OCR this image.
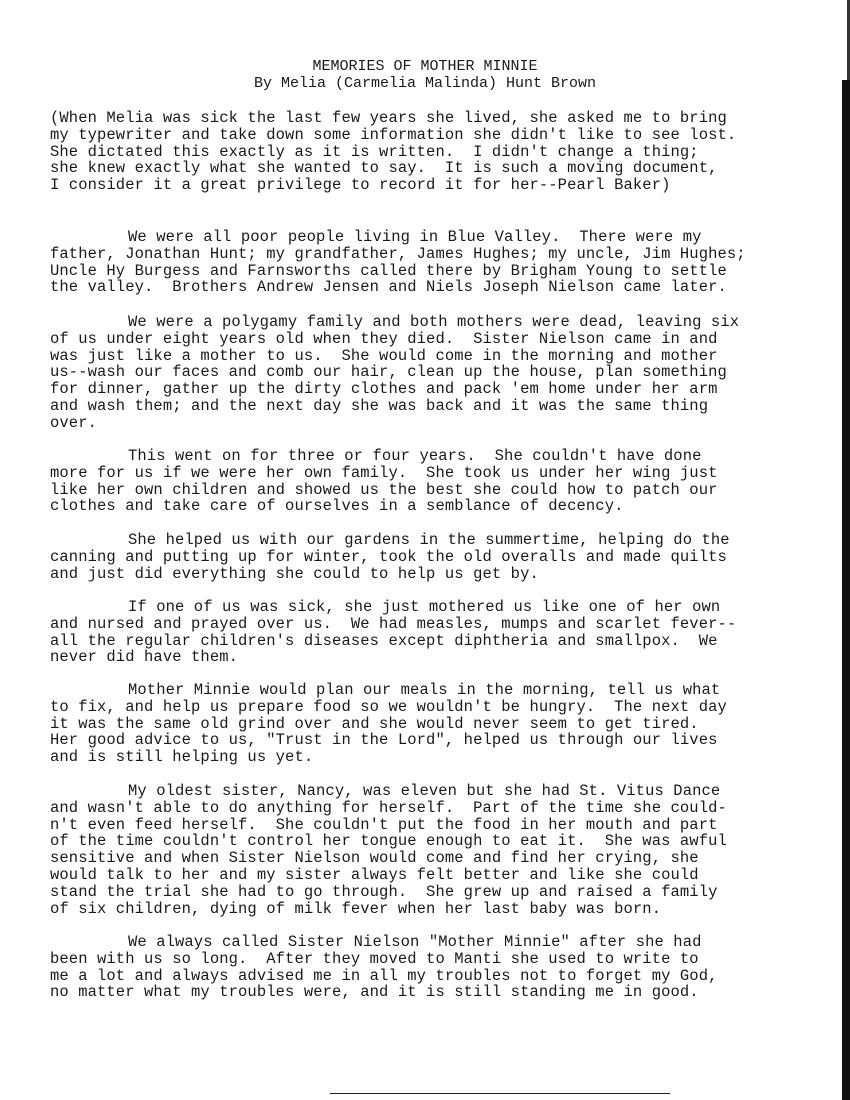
MEMORIES OF MOTHER MINNIE
By Melia (Carmelia Malinda) Hunt Brown
(When Melia was sick the last few years she lived, she asked me to bring
my typewriter and take down some information she didn't like to see lost.
She dictated this exactly as it is written.  I didn't change a thing;
she knew exactly what she wanted to say.  It is such a moving document,
I consider it a great privilege to record it for her--Pearl Baker)
We were all poor people living in Blue Valley.  There were my
father, Jonathan Hunt; my grandfather, James Hughes; my uncle, Jim Hughes;
Uncle Hy Burgess and Farnsworths called there by Brigham Young to settle
the valley.  Brothers Andrew Jensen and Niels Joseph Nielson came later.
We were a polygamy family and both mothers were dead, leaving six
of us under eight years old when they died.  Sister Nielson came in and
was just like a mother to us.  She would come in the morning and mother
us--wash our faces and comb our hair, clean up the house, plan something
for dinner, gather up the dirty clothes and pack 'em home under her arm
and wash them; and the next day she was back and it was the same thing
over.
This went on for three or four years.  She couldn't have done
more for us if we were her own family.  She took us under her wing just
like her own children and showed us the best she could how to patch our
clothes and take care of ourselves in a semblance of decency.
She helped us with our gardens in the summertime, helping do the
canning and putting up for winter, took the old overalls and made quilts
and just did everything she could to help us get by.
If one of us was sick, she just mothered us like one of her own
and nursed and prayed over us.  We had measles, mumps and scarlet fever--
all the regular children's diseases except diphtheria and smallpox.  We
never did have them.
Mother Minnie would plan our meals in the morning, tell us what
to fix, and help us prepare food so we wouldn't be hungry.  The next day
it was the same old grind over and she would never seem to get tired.
Her good advice to us, "Trust in the Lord", helped us through our lives
and is still helping us yet.
My oldest sister, Nancy, was eleven but she had St. Vitus Dance
and wasn't able to do anything for herself.  Part of the time she could-
n't even feed herself.  She couldn't put the food in her mouth and part
of the time couldn't control her tongue enough to eat it.  She was awful
sensitive and when Sister Nielson would come and find her crying, she
would talk to her and my sister always felt better and like she could
stand the trial she had to go through.  She grew up and raised a family
of six children, dying of milk fever when her last baby was born.
We always called Sister Nielson "Mother Minnie" after she had
been with us so long.  After they moved to Manti she used to write to
me a lot and always advised me in all my troubles not to forget my God,
no matter what my troubles were, and it is still standing me in good.
